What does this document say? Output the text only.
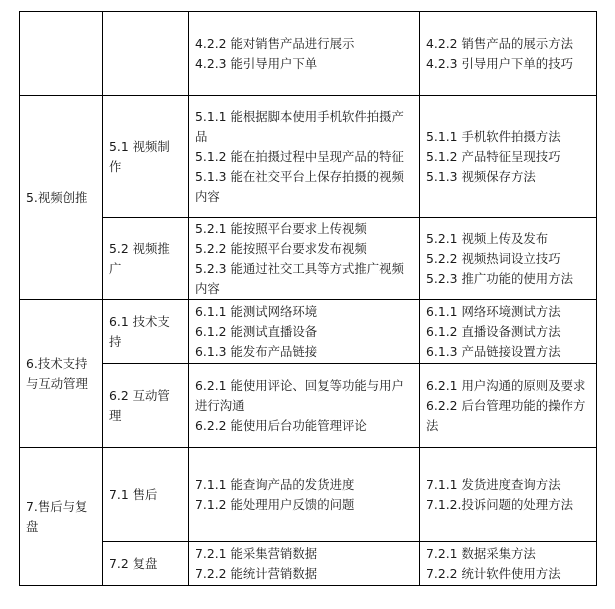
		4.2.2 能对销售产品进行展示
4.2.3 能引导用户下单	4.2.2 销售产品的展示方法
4.2.3 引导用户下单的技巧

5.视频创推	5.1 视频制作	5.1.1 能根据脚本使用手机软件拍摄产品
5.1.2 能在拍摄过程中呈现产品的特征
5.1.3 能在社交平台上保存拍摄的视频内容	5.1.1 手机软件拍摄方法
5.1.2 产品特征呈现技巧
5.1.3 视频保存方法

	5.2 视频推广	5.2.1 能按照平台要求上传视频
5.2.2 能按照平台要求发布视频
5.2.3 能通过社交工具等方式推广视频内容	5.2.1 视频上传及发布
5.2.2 视频热词设立技巧
5.2.3 推广功能的使用方法

6.技术支持与互动管理	6.1 技术支持	6.1.1 能测试网络环境
6.1.2 能测试直播设备
6.1.3 能发布产品链接	6.1.1 网络环境测试方法
6.1.2 直播设备测试方法
6.1.3 产品链接设置方法

	6.2 互动管理	6.2.1 能使用评论、回复等功能与用户进行沟通
6.2.2 能使用后台功能管理评论	6.2.1 用户沟通的原则及要求
6.2.2 后台管理功能的操作方法

7.售后与复盘	7.1 售后	7.1.1 能查询产品的发货进度
7.1.2 能处理用户反馈的问题	7.1.1 发货进度查询方法
7.1.2.投诉问题的处理方法

	7.2 复盘	7.2.1 能采集营销数据
7.2.2 能统计营销数据	7.2.1 数据采集方法
7.2.2 统计软件使用方法
